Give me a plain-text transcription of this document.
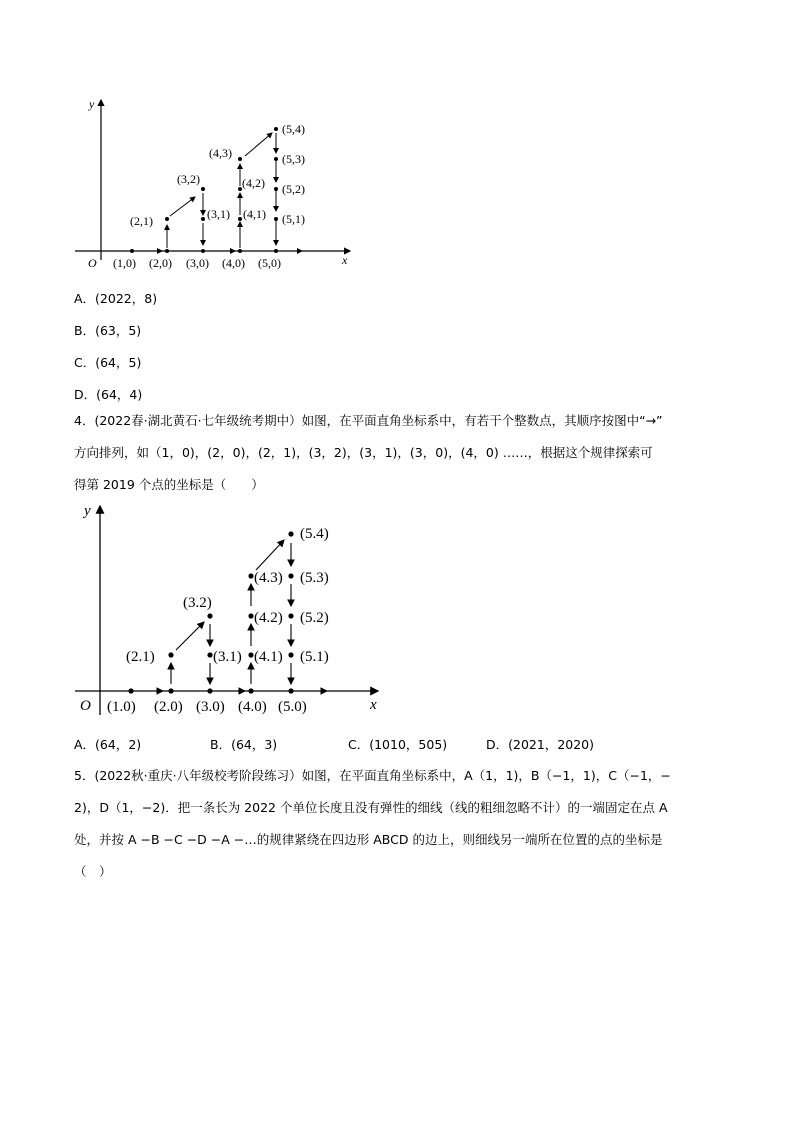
y
x
O (1,0) (2,0) (3,0) (4,0) (5,0)
(2,1)
(3,2)
(3,1)
(4,3)
(4,2)
(4,1)
(5,4)
(5,3)
(5,2)
(5,1)
A．(2022，8)
B．(63，5)
C．(64，5)
D．(64，4)

4．(2022春·湖北黄石·七年级统考期中）如图，在平面直角坐标系中，有若干个整数点，其顺序按图中“→”

方向排列，如（1，0)，(2，0)，(2，1)，(3，2)，(3，1)，(3，0)，(4，0) ……，根据这个规律探索可

得第 2019 个点的坐标是（　　）

y
x
O (1.0) (2.0) (3.0) (4.0) (5.0)
(2.1)
(3.2)
(3.1)
(4.3)
(4.2)
(4.1)
(5.4)
(5.3)
(5.2)
(5.1)
A．(64，2)	B．(64，3)	C．(1010，505)	D．(2021，2020)

5．(2022秋·重庆·八年级校考阶段练习）如图，在平面直角坐标系中，A（1，1)，B（−1，1)，C（−1，−

2)，D（1，−2)．把一条长为 2022 个单位长度且没有弹性的细线（线的粗细忽略不计）的一端固定在点 A

处，并按 A −B −C −D −A −…的规律紧绕在四边形 ABCD 的边上，则细线另一端所在位置的点的坐标是

（　）
